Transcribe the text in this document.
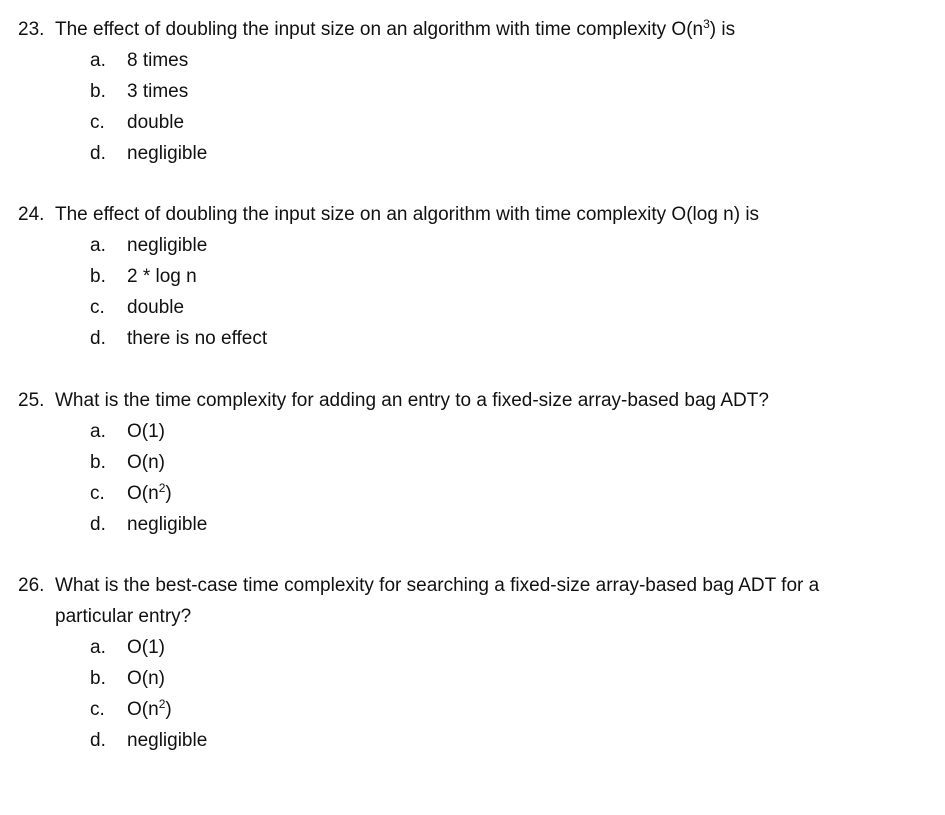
23. The effect of doubling the input size on an algorithm with time complexity $O(n^3)$ is
a. 8 times
b. 3 times
c. double
d. negligible
24. The effect of doubling the input size on an algorithm with time complexity O(log n) is
a. negligible
b. 2 * log n
c. double
d. there is no effect
25. What is the time complexity for adding an entry to a fixed-size array-based bag ADT?
a. O(1)
b. O(n)
c. $O(n^2)$
d. negligible
26. What is the best-case time complexity for searching a fixed-size array-based bag ADT for a
particular entry?
a. O(1)
b. O(n)
c. $O(n^2)$
d. negligible
